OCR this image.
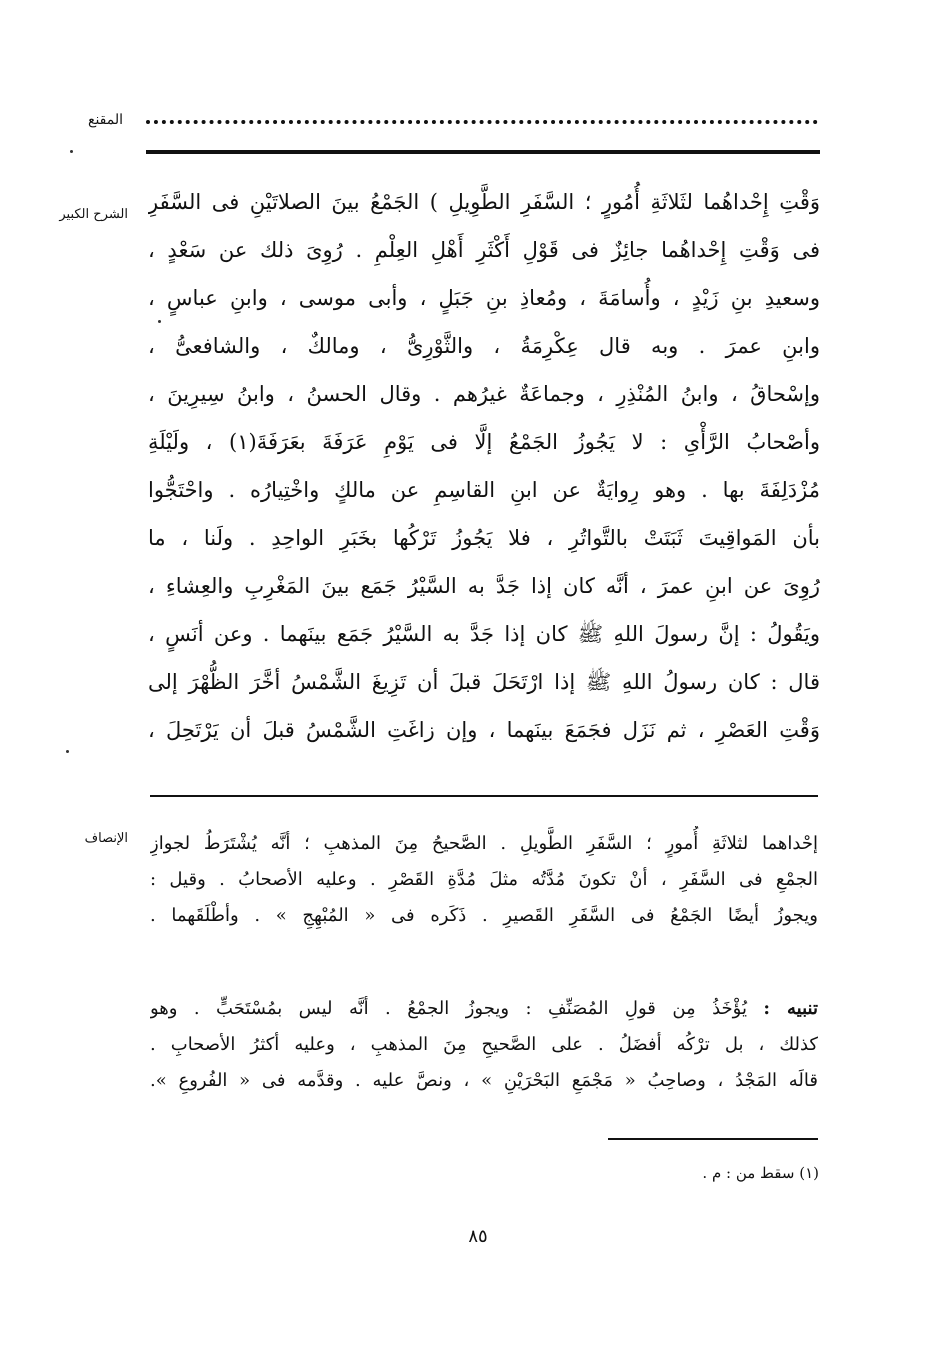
المقنع
الشرح الكبير
وَقْتِ إِحْداهُما لثَلاثَةِ أُمُورٍ ؛ السَّفَرِ الطَّوِيلِ ) الجَمْعُ بينَ الصلاتَيْنِ فى السَّفَرِ
فى وَقْتِ إِحْداهُما جائِزٌ فى قَوْلِ أَكْثَرِ أَهْلِ العِلْمِ . رُوِىَ ذلك عن سَعْدٍ ،
وسعيدِ بنِ زَيْدٍ ، وأُسامَةَ ، ومُعاذِ بنِ جَبَلٍ ، وأبى موسى ، وابنِ عباسٍ ،
وابنِ عمرَ . وبه قال عِكْرِمَةُ ، والثَّوْرِىُّ ، ومالكٌ ، والشافعىُّ ،
وإسْحاقُ ، وابنُ المُنْذِرِ ، وجماعَةٌ غيرُهم . وقال الحسنُ ، وابنُ سِيرِينَ ،
وأصْحابُ الرَّأْىِ : لا يَجُوزُ الجَمْعُ إلَّا فى يَوْمِ عَرَفَةَ بعَرَفَةَ(١) ، ولَيْلَةِ
مُزْدَلِفَةَ بها . وهو رِوايَةٌ عن ابنِ القاسِمِ عن مالكٍ واخْتِيارُه . واحْتَجُّوا
بأن المَواقِيتَ ثَبَتَتْ بالتَّواتُرِ ، فلا يَجُوزُ تَرْكُها بخَبَرِ الواحِدِ . ولَنا ، ما
رُوِىَ عن ابنِ عمرَ ، أنَّه كان إذا جَدَّ به السَّيْرُ جَمَع بينَ المَغْرِبِ والعِشاءِ ،
ويَقُولُ : إنَّ رسولَ اللهِ ﷺ كان إذا جَدَّ به السَّيْرُ جَمَع بينَهما . وعن أنَسٍ ،
قال : كان رسولُ اللهِ ﷺ إذا ارْتَحَلَ قبلَ أن تَزِيغَ الشَّمْسُ أخَّرَ الظُّهْرَ إلى
وَقْتِ العَصْرِ ، ثم نَزَل فجَمَعَ بينَهما ، وإن زاغَتِ الشَّمْسُ قبلَ أن يَرْتَحِلَ ،
الإنصاف إحْداهما لثلاثَةِ أُمورٍ ؛ السَّفَرِ الطَّويلِ . الصَّحيحُ مِنَ المذهبِ ؛ أنَّه يُشْتَرَطُ لجوازِ
الجمْعِ فى السَّفَرِ ، أنْ تكونَ مُدَّتُه مثلَ مُدَّةِ القَصْرِ . وعليه الأصحابُ . وقيل :
ويجوزُ أيضًا الجَمْعُ فى السَّفَرِ القَصيرِ . ذَكَره فى « المُبْهِجِ » . وأطْلَقَهما .
تنبيه : يُؤْخَذُ مِن قولِ المُصَنِّفِ : ويجوزُ الجمْعُ . أنَّه ليس بمُسْتَحَبٍّ . وهو
كذلك ، بل ترْكُه أفضَلُ . على الصَّحيحِ مِنَ المذهبِ ، وعليه أكثرُ الأصحابِ .
قالَه المَجْدُ ، وصاحِبُ « مَجْمَعِ البَحْرَيْنِ » ، ونصَّ عليه . وقدَّمه فى « الفُروعِ ».
(١) سقط من : م .
٨٥
